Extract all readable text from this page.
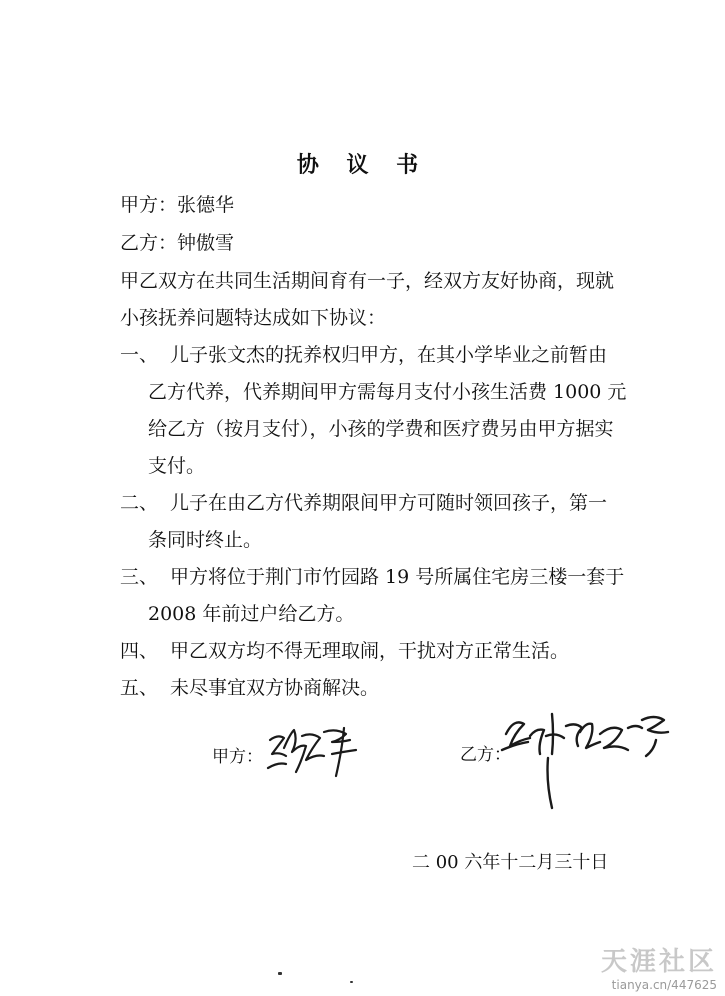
协 议 书
甲方：张德华
乙方：钟傲雪
甲乙双方在共同生活期间育有一子，经双方友好协商，现就
小孩抚养问题特达成如下协议：
一、 儿子张文杰的抚养权归甲方，在其小学毕业之前暂由
乙方代养，代养期间甲方需每月支付小孩生活费 1000 元
给乙方（按月支付），小孩的学费和医疗费另由甲方据实
支付。
二、 儿子在由乙方代养期限间甲方可随时领回孩子，第一
条同时终止。
三、 甲方将位于荆门市竹园路 19 号所属住宅房三楼一套于
2008 年前过户给乙方。
四、 甲乙双方均不得无理取闹，干扰对方正常生活。
五、 未尽事宜双方协商解决。
甲方：	乙方：
二 00 六年十二月三十日
天涯社区
tianya.cn/447625
